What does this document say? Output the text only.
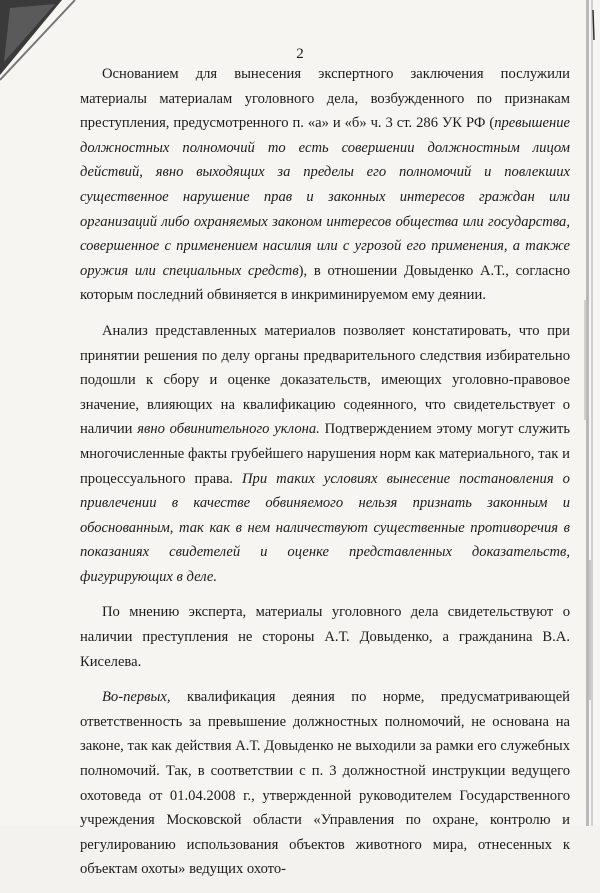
2

Основанием для вынесения экспертного заключения послужили материалы материалам уголовного дела, возбужденного по признакам преступления, предусмотренного п. «а» и «б» ч. 3 ст. 286 УК РФ (превышение должностных полномочий то есть совершении должностным лицом действий, явно выходящих за пределы его полномочий и повлекших существенное нарушение прав и законных интересов граждан или организаций либо охраняемых законом интересов общества или государства, совершенное с применением насилия или с угрозой его применения, а также оружия или специальных средств), в отношении Довыденко А.Т., согласно которым последний обвиняется в инкриминируемом ему деянии.

Анализ представленных материалов позволяет констатировать, что при принятии решения по делу органы предварительного следствия избирательно подошли к сбору и оценке доказательств, имеющих уголовно-правовое значение, влияющих на квалификацию содеянного, что свидетельствует о наличии явно обвинительного уклона. Подтверждением этому могут служить многочисленные факты грубейшего нарушения норм как материального, так и процессуального права. При таких условиях вынесение постановления о привлечении в качестве обвиняемого нельзя признать законным и обоснованным, так как в нем наличествуют существенные противоречия в показаниях свидетелей и оценке представленных доказательств, фигурирующих в деле.

По мнению эксперта, материалы уголовного дела свидетельствуют о наличии преступления не стороны А.Т. Довыденко, а гражданина В.А. Киселева.

Во-первых, квалификация деяния по норме, предусматривающей ответственность за превышение должностных полномочий, не основана на законе, так как действия А.Т. Довыденко не выходили за рамки его служебных полномочий. Так, в соответствии с п. 3 должностной инструкции ведущего охотоведа от 01.04.2008 г., утвержденной руководителем Государственного учреждения Московской области «Управления по охране, контролю и регулированию использования объектов животного мира, отнесенных к объектам охоты» ведущих охото-
